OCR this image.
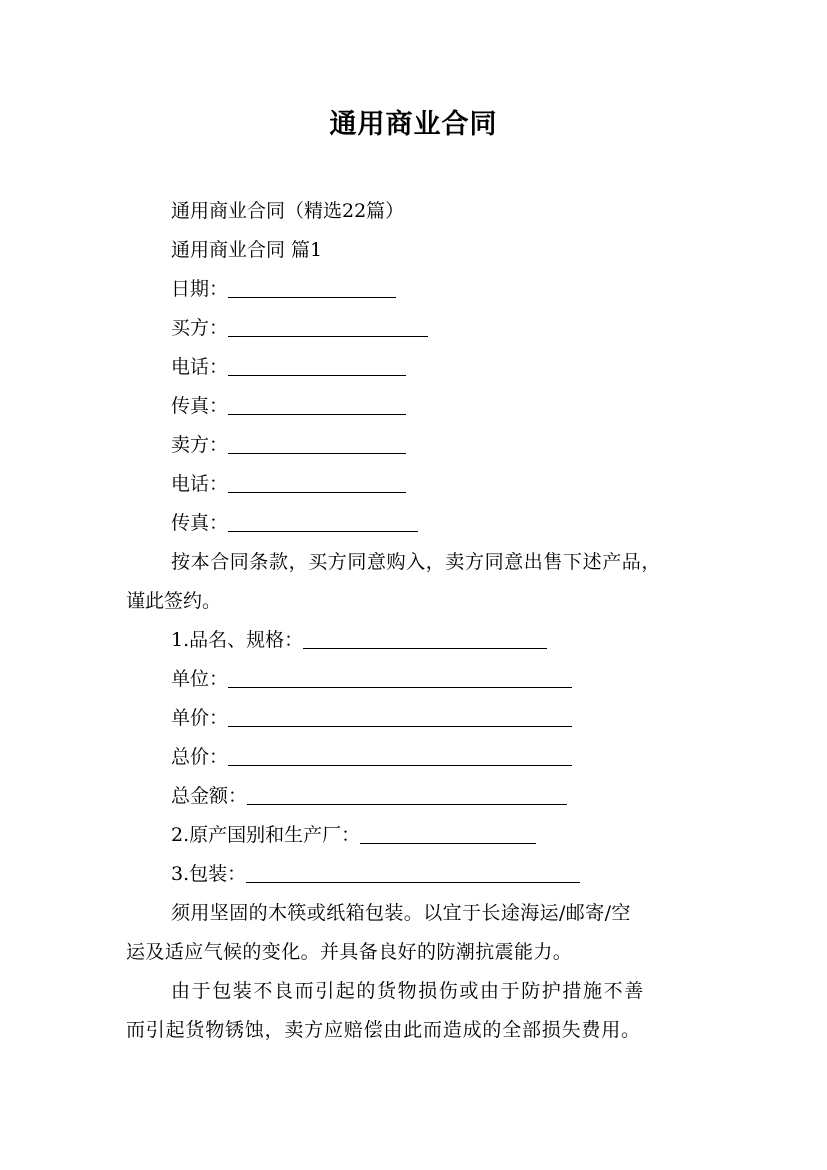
通用商业合同
通用商业合同（精选22篇）
通用商业合同 篇1
日期：
买方：
电话：
传真：
卖方：
电话：
传真：
按本合同条款，买方同意购入，卖方同意出售下述产品，
谨此签约。
1.品名、规格：
单位：
单价：
总价：
总金额：
2.原产国别和生产厂：
3.包装：
须用坚固的木筷或纸箱包装。以宜于长途海运/邮寄/空
运及适应气候的变化。并具备良好的防潮抗震能力。
由于包装不良而引起的货物损伤或由于防护措施不善
而引起货物锈蚀，卖方应赔偿由此而造成的全部损失费用。
